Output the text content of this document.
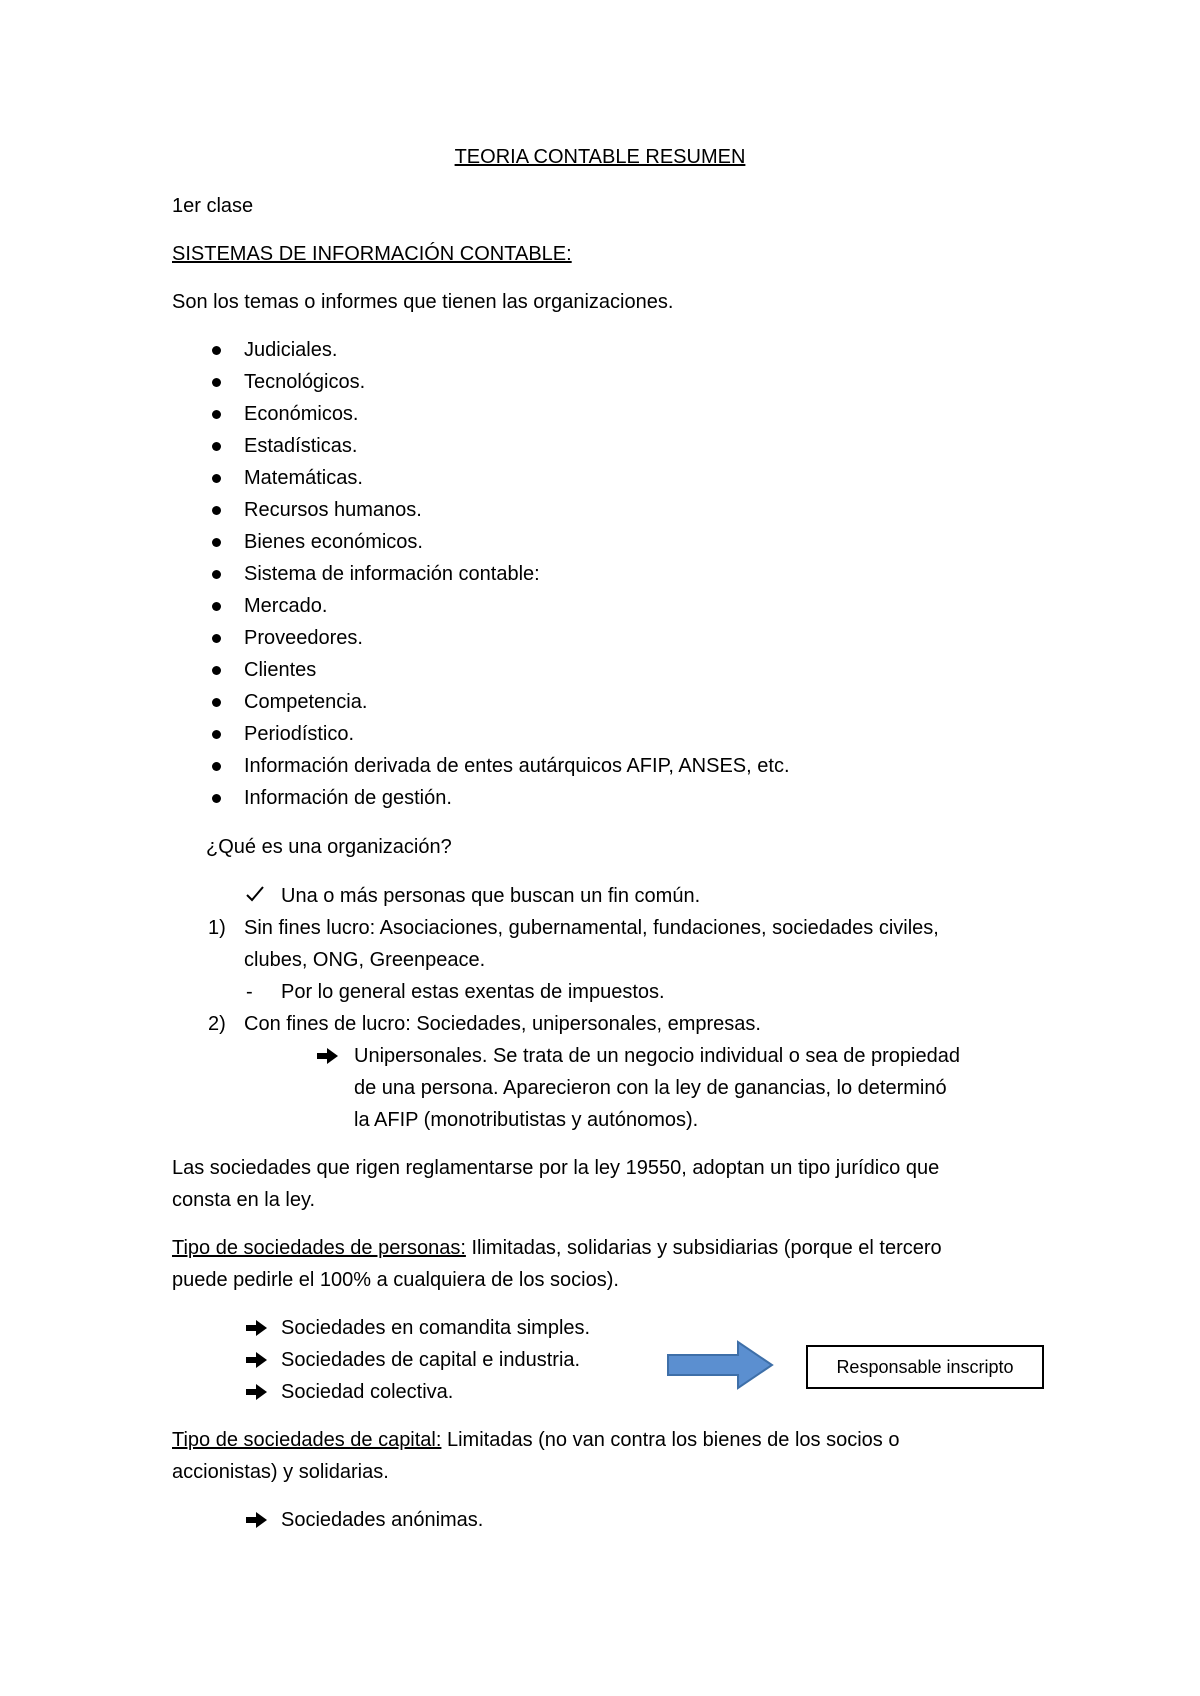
TEORIA CONTABLE RESUMEN
1er clase
SISTEMAS DE INFORMACIÓN CONTABLE:
Son los temas o informes que tienen las organizaciones.
Judiciales.
Tecnológicos.
Económicos.
Estadísticas.
Matemáticas.
Recursos humanos.
Bienes económicos.
Sistema de información contable:
Mercado.
Proveedores.
Clientes
Competencia.
Periodístico.
Información derivada de entes autárquicos AFIP, ANSES, etc.
Información de gestión.
¿Qué es una organización?
Una o más personas que buscan un fin común.
1) Sin fines lucro: Asociaciones, gubernamental, fundaciones, sociedades civiles,
clubes, ONG, Greenpeace.
- Por lo general estas exentas de impuestos.
2) Con fines de lucro: Sociedades, unipersonales, empresas.
Unipersonales. Se trata de un negocio individual o sea de propiedad
de una persona. Aparecieron con la ley de ganancias, lo determinó
la AFIP (monotributistas y autónomos).
Las sociedades que rigen reglamentarse por la ley 19550, adoptan un tipo jurídico que
consta en la ley.
Tipo de sociedades de personas: Ilimitadas, solidarias y subsidiarias (porque el tercero
puede pedirle el 100% a cualquiera de los socios).
Sociedades en comandita simples.
Sociedades de capital e industria.
Sociedad colectiva.
Responsable inscripto
Tipo de sociedades de capital: Limitadas (no van contra los bienes de los socios o
accionistas) y solidarias.
Sociedades anónimas.
